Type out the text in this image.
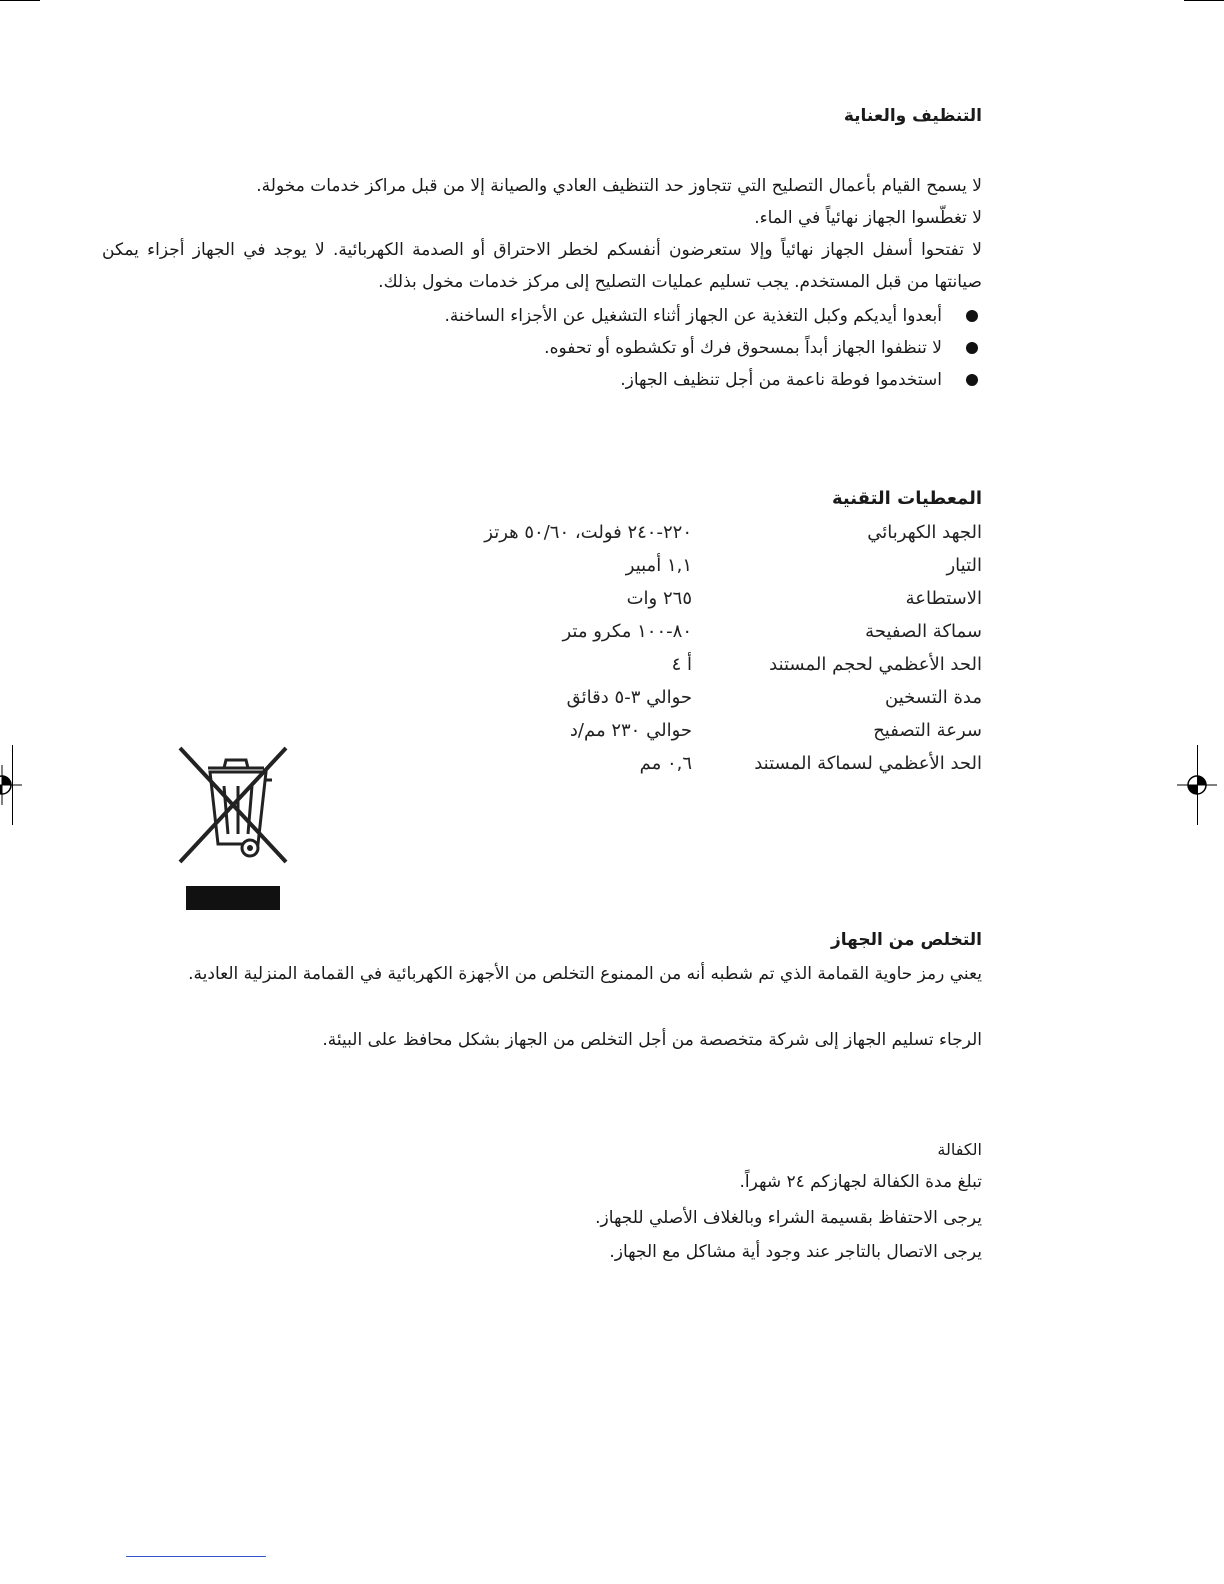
التنظيف والعناية
لا يسمح القيام بأعمال التصليح التي تتجاوز حد التنظيف العادي والصيانة إلا من قبل مراكز خدمات مخولة.
لا تغطّسوا الجهاز نهائياً في الماء.
لا تفتحوا أسفل الجهاز نهائياً وإلا ستعرضون أنفسكم لخطر الاحتراق أو الصدمة الكهربائية. لا يوجد في الجهاز أجزاء يمكن صيانتها من قبل المستخدم. يجب تسليم عمليات التصليح إلى مركز خدمات مخول بذلك.
أبعدوا أيديكم وكبل التغذية عن الجهاز أثناء التشغيل عن الأجزاء الساخنة.
لا تنظفوا الجهاز أبداً بمسحوق فرك أو تكشطوه أو تحفوه.
استخدموا فوطة ناعمة من أجل تنظيف الجهاز.
المعطيات التقنية
الجهد الكهربائي
٢٢٠-٢٤٠ فولت، ٥٠/٦٠ هرتز
التيار
١,١ أمبير
الاستطاعة
٢٦٥ وات
سماكة الصفيحة
٨٠-١٠٠ مكرو متر
الحد الأعظمي لحجم المستند
أ ٤
مدة التسخين
حوالي ٣-٥ دقائق
سرعة التصفيح
حوالي ٢٣٠ مم/د
الحد الأعظمي لسماكة المستند
٠,٦ مم
التخلص من الجهاز
يعني رمز حاوية القمامة الذي تم شطبه أنه من الممنوع التخلص من الأجهزة الكهربائية في القمامة المنزلية العادية.
الرجاء تسليم الجهاز إلى شركة متخصصة من أجل التخلص من الجهاز بشكل محافظ على البيئة.
الكفالة
تبلغ مدة الكفالة لجهازكم ٢٤ شهراً.
يرجى الاحتفاظ بقسيمة الشراء وبالغلاف الأصلي للجهاز.
يرجى الاتصال بالتاجر عند وجود أية مشاكل مع الجهاز.
